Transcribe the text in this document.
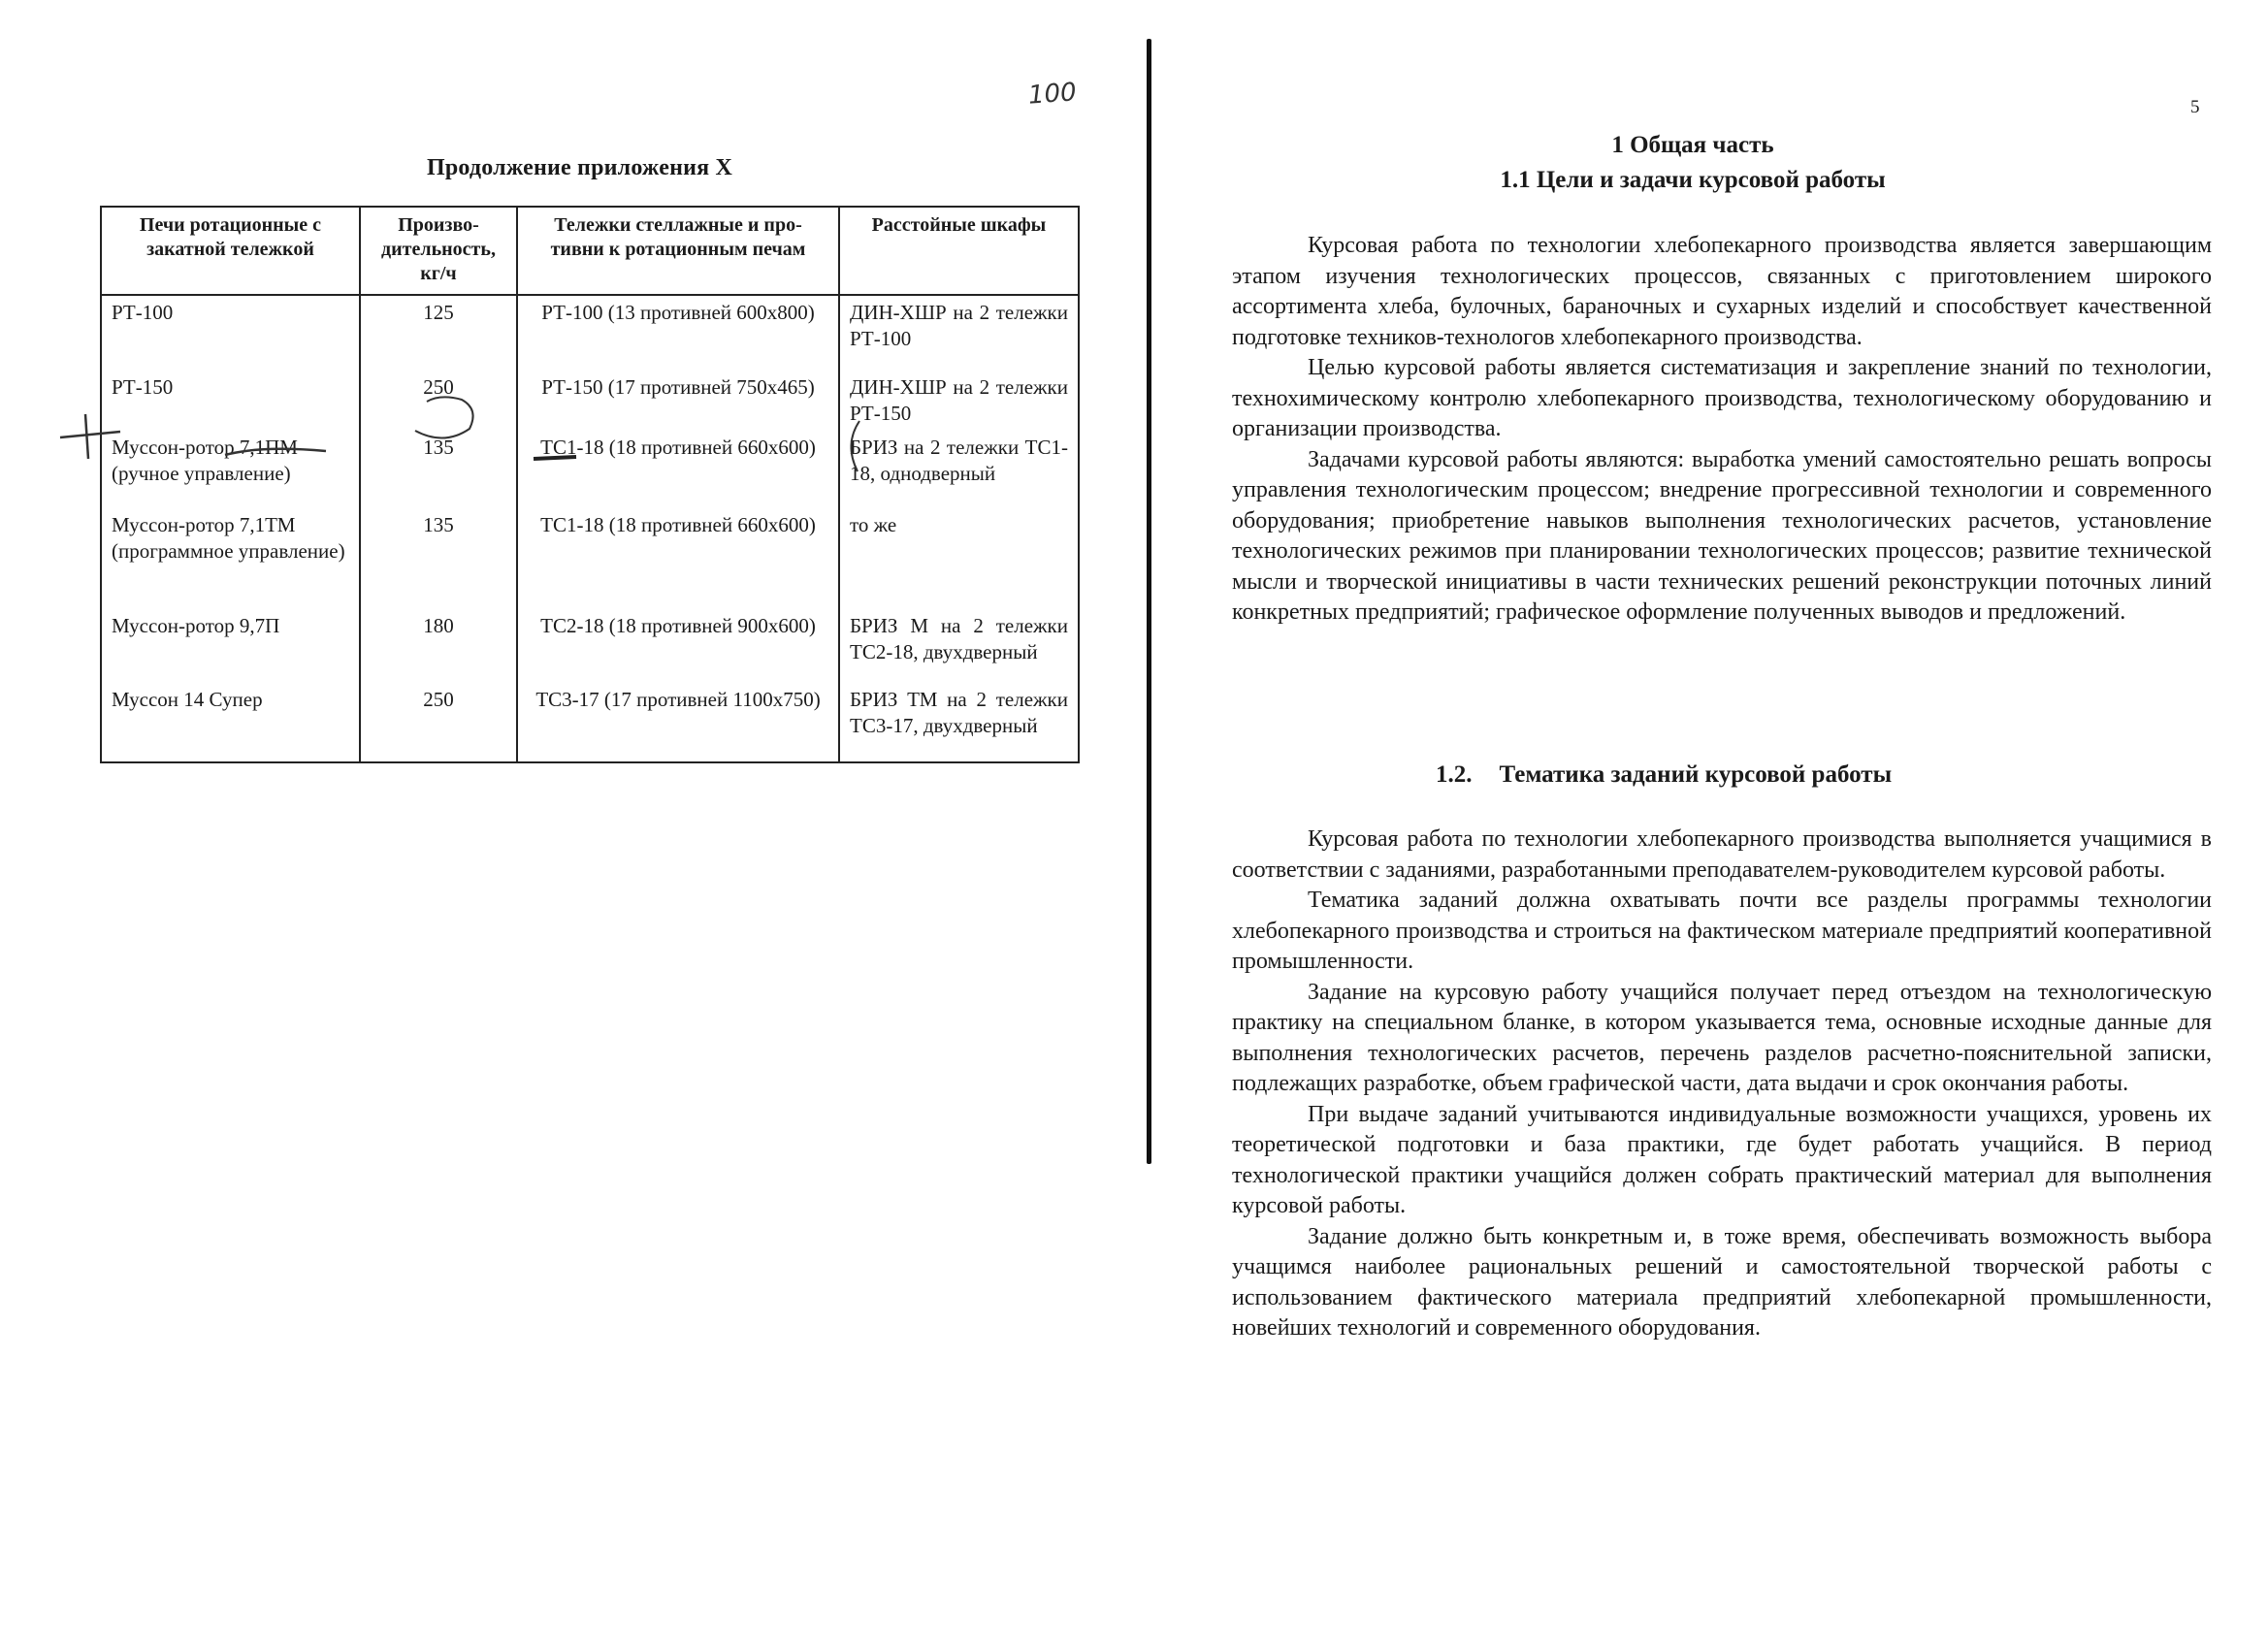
100
Продолжение приложения Х
Печи ротационные с закатной тележкой	Произво-дительность, кг/ч	Тележки стеллажные и про-тивни к ротационным печам	Расстойные шкафы
РТ-100	125	РТ-100 (13 противней 600х800)	ДИН-ХШР на 2 тележки РТ-100
РТ-150	250	РТ-150 (17 противней 750х465)	ДИН-ХШР на 2 тележки РТ-150
Муссон-ротор 7,1ПМ (ручное управление)	135	ТС1-18 (18 противней 660х600)	БРИЗ на 2 тележки ТС1-18, однодверный
Муссон-ротор 7,1ТМ (программное управление)	135	ТС1-18 (18 противней 660х600)	то же
Муссон-ротор 9,7П	180	ТС2-18 (18 противней 900х600)	БРИЗ М на 2 тележки ТС2-18, двухдверный
Муссон 14 Супер	250	ТС3-17 (17 противней 1100х750)	БРИЗ ТМ на 2 тележки ТС3-17, двухдверный
5
1 Общая часть
1.1 Цели и задачи курсовой работы

Курсовая работа по технологии хлебопекарного производства является завершающим этапом изучения технологических процессов, связанных с приготовлением широкого ассортимента хлеба, булочных, бараночных и сухарных изделий и способствует качественной подготовке техников-технологов хлебопекарного производства.

Целью курсовой работы является систематизация и закрепление знаний по технологии, технохимическому контролю хлебопекарного производства, технологическому оборудованию и организации производства.

Задачами курсовой работы являются: выработка умений самостоятельно решать вопросы управления технологическим процессом; внедрение прогрессивной технологии и современного оборудования; приобретение навыков выполнения технологических расчетов, установление технологических режимов при планировании технологических процессов; развитие технической мысли и творческой инициативы в части технических решений реконструкции поточных линий конкретных предприятий; графическое оформление полученных выводов и предложений.

1.2. Тематика заданий курсовой работы

Курсовая работа по технологии хлебопекарного производства выполняется учащимися в соответствии с заданиями, разработанными преподавателем-руководителем курсовой работы.

Тематика заданий должна охватывать почти все разделы программы технологии хлебопекарного производства и строиться на фактическом материале предприятий кооперативной промышленности.

Задание на курсовую работу учащийся получает перед отъездом на технологическую практику на специальном бланке, в котором указывается тема, основные исходные данные для выполнения технологических расчетов, перечень разделов расчетно-пояснительной записки, подлежащих разработке, объем графической части, дата выдачи и срок окончания работы.

При выдаче заданий учитываются индивидуальные возможности учащихся, уровень их теоретической подготовки и база практики, где будет работать учащийся. В период технологической практики учащийся должен собрать практический материал для выполнения курсовой работы.

Задание должно быть конкретным и, в тоже время, обеспечивать возможность выбора учащимся наиболее рациональных решений и самостоятельной творческой работы с использованием фактического материала предприятий хлебопекарной промышленности, новейших технологий и современного оборудования.
